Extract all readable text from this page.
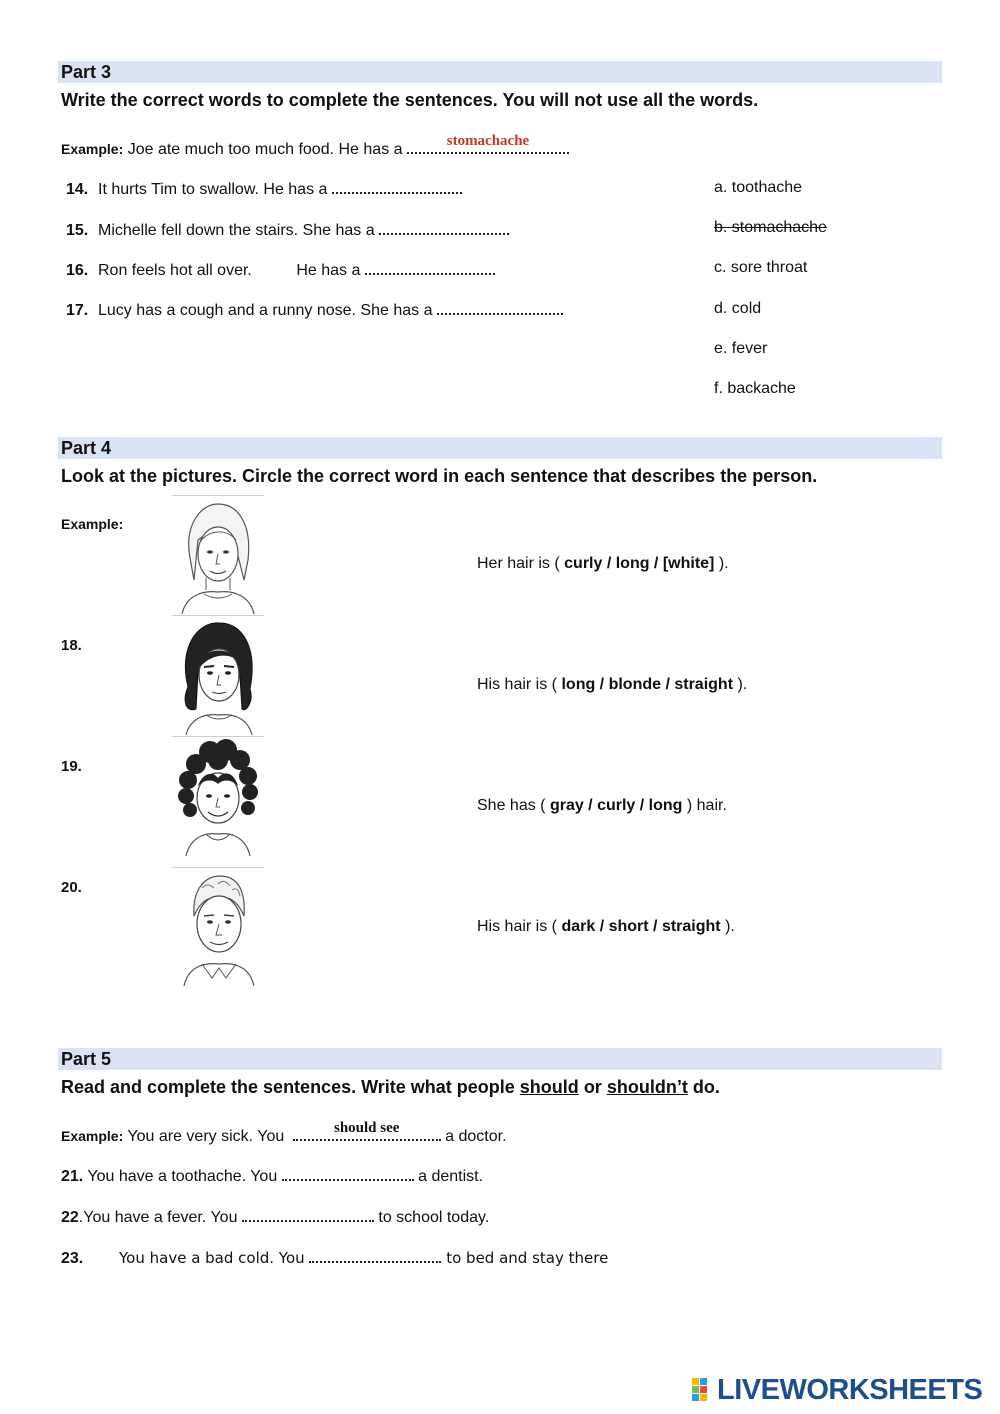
Part 3
Write the correct words to complete the sentences. You will not use all the words.
Example: Joe ate much too much food. He has a	stomachache
14. It hurts Tim to swallow. He has a
15. Michelle fell down the stairs. She has a
16. Ron feels hot all over.	He has a
17. Lucy has a cough and a runny nose. She has a
a. toothache
b. stomachache
c. sore throat
d. cold
e. fever
f. backache
Part 4
Look at the pictures. Circle the correct word in each sentence that describes the person.
Example:
Her hair is ( curly / long / [white] ).
18.
His hair is ( long / blonde / straight ).
19.
She has ( gray / curly / long ) hair.
20.
His hair is ( dark / short / straight ).
Part 5
Read and complete the sentences. Write what people should or shouldn’t do.
Example: You are very sick. You	should see	a doctor.
21. You have a toothache. You	a dentist.
22.You have a fever. You	to school today.
23. You have a bad cold. You	to bed and stay there
LIVEWORKSHEETS
